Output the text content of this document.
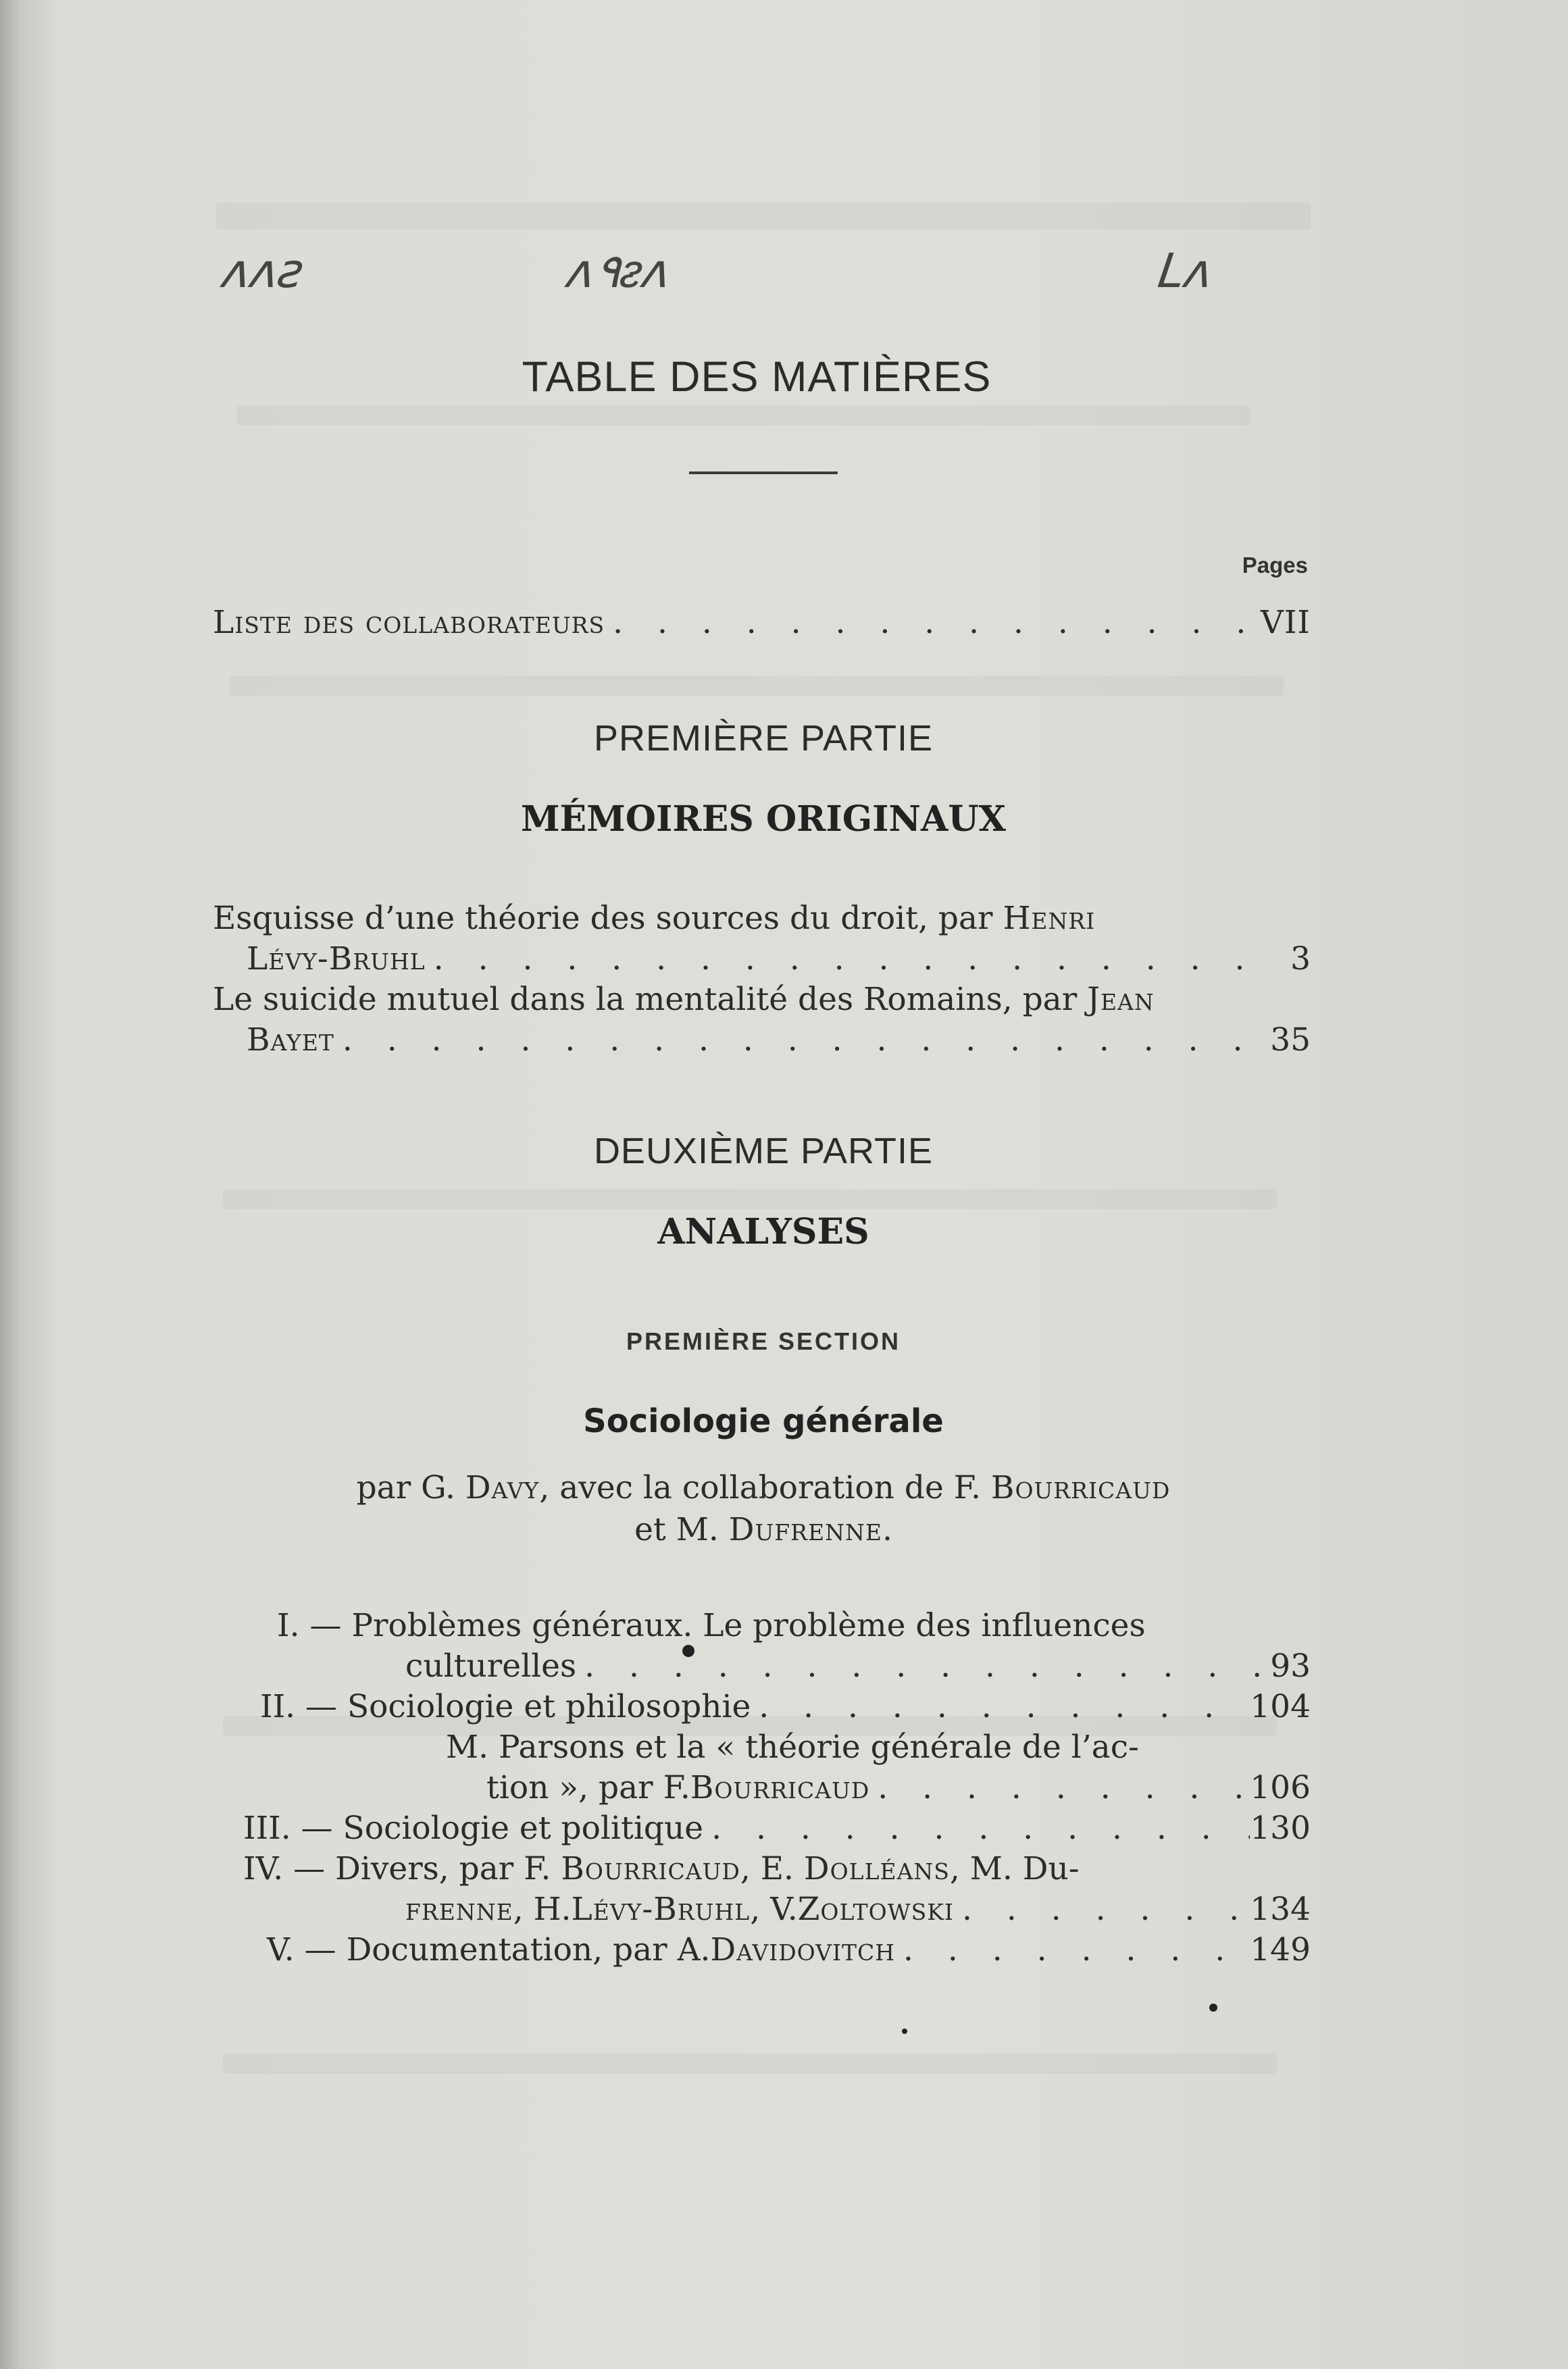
ᴧᴧꙅ	ᴧ٩ᴤᴧ	ᒪᴧ
TABLE DES MATIÈRES
Pages
Liste des collaborateurs . . .	VII
PREMIÈRE PARTIE
MÉMOIRES ORIGINAUX
Esquisse d’une théorie des sources du droit, par Henri
Lévy-Bruhl . . .	3
Le suicide mutuel dans la mentalité des Romains, par Jean
Bayet . . .	35
DEUXIÈME PARTIE
ANALYSES
PREMIÈRE SECTION
Sociologie générale
par G. Davy, avec la collaboration de F. Bourricaud
et M. Dufrenne.
I. — Problèmes généraux. Le problème des influences
culturelles . . .	93
II. —
Sociologie et philosophie . . .	104
M. Parsons et la « théorie générale de l’ac-
tion », par F. Bourricaud . . .	106
III. —
Sociologie et politique . . .	130
IV. — Divers, par F. Bourricaud, E. Dolléans, M. Du-
frenne , H. Lévy-Bruhl , V. Zoltowski . . .	134
V. —
Documentation, par A. Davidovitch . . .	149
